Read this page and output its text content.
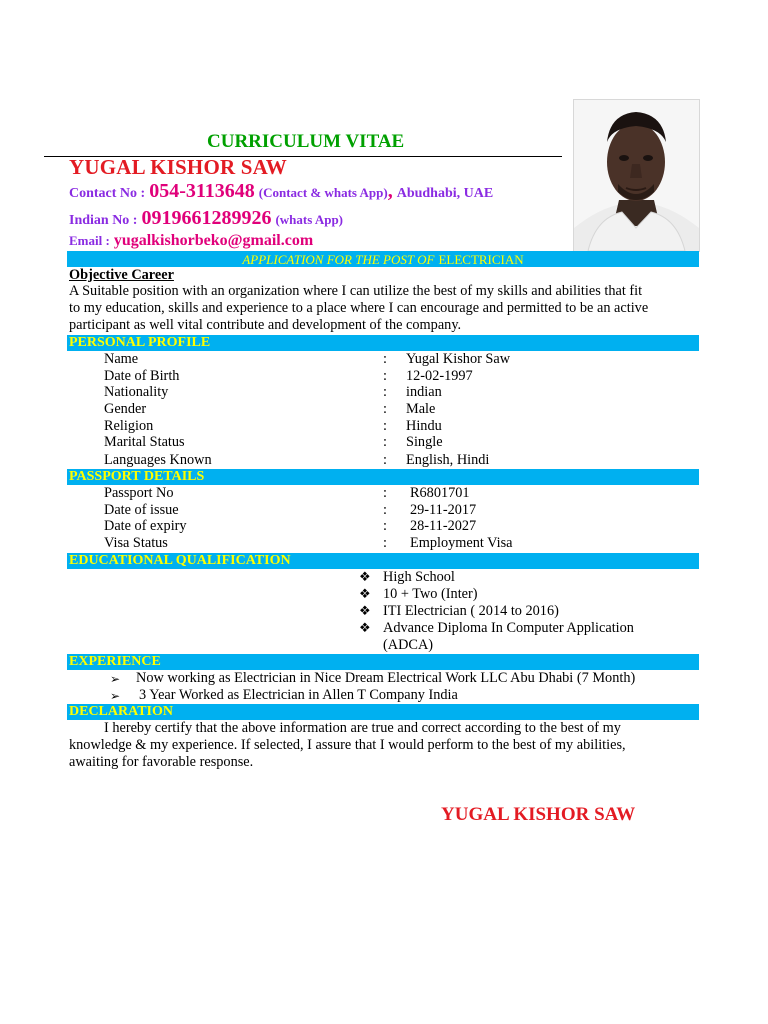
CURRICULUM VITAE
YUGAL KISHOR SAW
Contact No : 054-3113648 (Contact & whats App), Abudhabi, UAE
Indian No : 0919661289926 (whats App)
Email : yugalkishorbeko@gmail.com
APPLICATION FOR THE POST OF ELECTRICIAN
Objective Career
A Suitable position with an organization where I can utilize the best of my skills and abilities that fit
to my education, skills and experience to a place where I can encourage and permitted to be an active
participant as well vital contribute and development of the company.
PERSONAL PROFILE
Name	: Yugal Kishor Saw
Date of Birth	: 12-02-1997
Nationality	: indian
Gender	: Male
Religion	: Hindu
Marital Status	: Single
Languages Known	: English, Hindi
PASSPORT DETAILS
Passport No	: R6801701
Date of issue	: 29-11-2017
Date of expiry	: 28-11-2027
Visa Status	: Employment Visa
EDUCATIONAL QUALIFICATION
❖ High School
❖ 10 + Two (Inter)
❖ ITI Electrician ( 2014 to 2016)
❖ Advance Diploma In Computer Application
(ADCA)
EXPERIENCE
➢ Now working as Electrician in Nice Dream Electrical Work LLC Abu Dhabi (7 Month)
➢ 3 Year Worked as Electrician in Allen T Company India
DECLARATION
I hereby certify that the above information are true and correct according to the best of my
knowledge & my experience. If selected, I assure that I would perform to the best of my abilities,
awaiting for favorable response.
YUGAL KISHOR SAW
